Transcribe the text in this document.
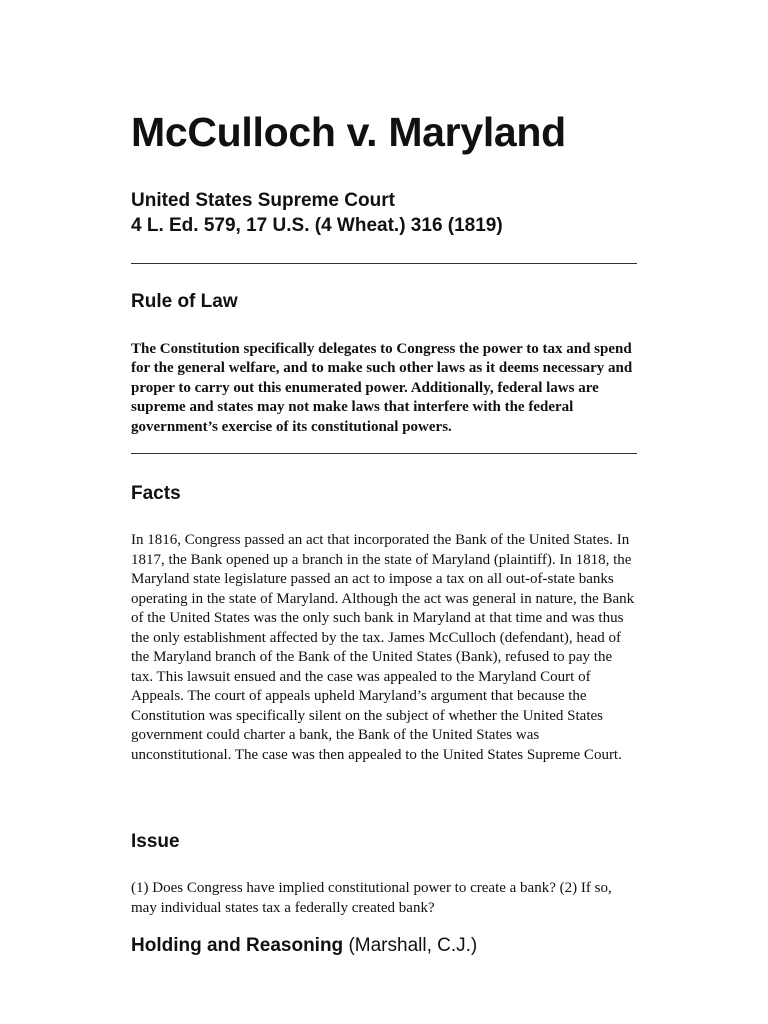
McCulloch v. Maryland
United States Supreme Court
4 L. Ed. 579, 17 U.S. (4 Wheat.) 316 (1819)
Rule of Law

The Constitution specifically delegates to Congress the power to tax and spend for the general welfare, and to make such other laws as it deems necessary and proper to carry out this enumerated power. Additionally, federal laws are supreme and states may not make laws that interfere with the federal government’s exercise of its constitutional powers.

Facts

In 1816, Congress passed an act that incorporated the Bank of the United States. In 1817, the Bank opened up a branch in the state of Maryland (plaintiff). In 1818, the Maryland state legislature passed an act to impose a tax on all out-of-state banks operating in the state of Maryland. Although the act was general in nature, the Bank of the United States was the only such bank in Maryland at that time and was thus the only establishment affected by the tax. James McCulloch (defendant), head of the Maryland branch of the Bank of the United States (Bank), refused to pay the tax. This lawsuit ensued and the case was appealed to the Maryland Court of Appeals. The court of appeals upheld Maryland’s argument that because the Constitution was specifically silent on the subject of whether the United States government could charter a bank, the Bank of the United States was unconstitutional. The case was then appealed to the United States Supreme Court.

Issue

(1) Does Congress have implied constitutional power to create a bank? (2) If so, may individual states tax a federally created bank?

Holding and Reasoning (Marshall, C.J.)
